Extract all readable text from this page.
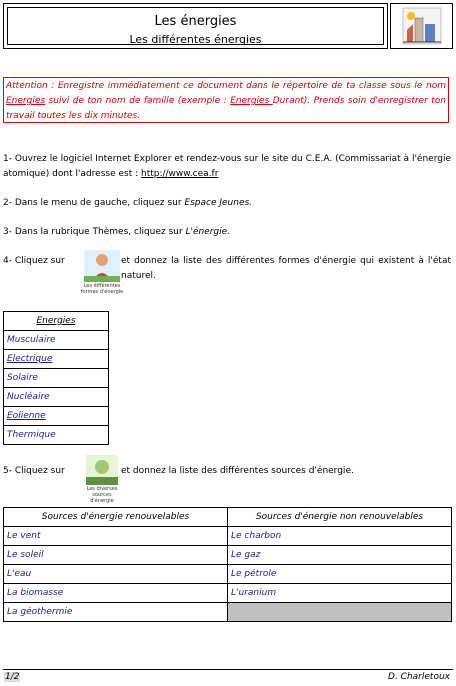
Les énergies
Les différentes énergies
Attention : Enregistre immédiatement ce document dans le répertoire de ta classe sous le nom Energies suivi de ton nom de famille (exemple : Energies Durant). Prends soin d'enregistrer ton travail toutes les dix minutes.
1- Ouvrez le logiciel Internet Explorer et rendez-vous sur le site du C.E.A. (Commissariat à l'énergie atomique) dont l'adresse est : http://www.cea.fr
2- Dans le menu de gauche, cliquez sur Espace Jeunes.
3- Dans la rubrique Thèmes, cliquez sur L'énergie.
4- Cliquez sur
Les différentes formes d'énergie
et donnez la liste des différentes formes d'énergie qui existent à l'état naturel.
Energies
Musculaire
Electrique
Solaire
Nucléaire
Eolienne
Thermique
5- Cliquez sur
Les diverses sources d'énergie
et donnez la liste des différentes sources d'énergie.
Sources d'énergie renouvelables	Sources d'énergie non renouvelables
Le vent	Le charbon
Le soleil	Le gaz
L'eau	Le pétrole
La biomasse	L'uranium
La géothermie	
1/2	D. Charletoux
